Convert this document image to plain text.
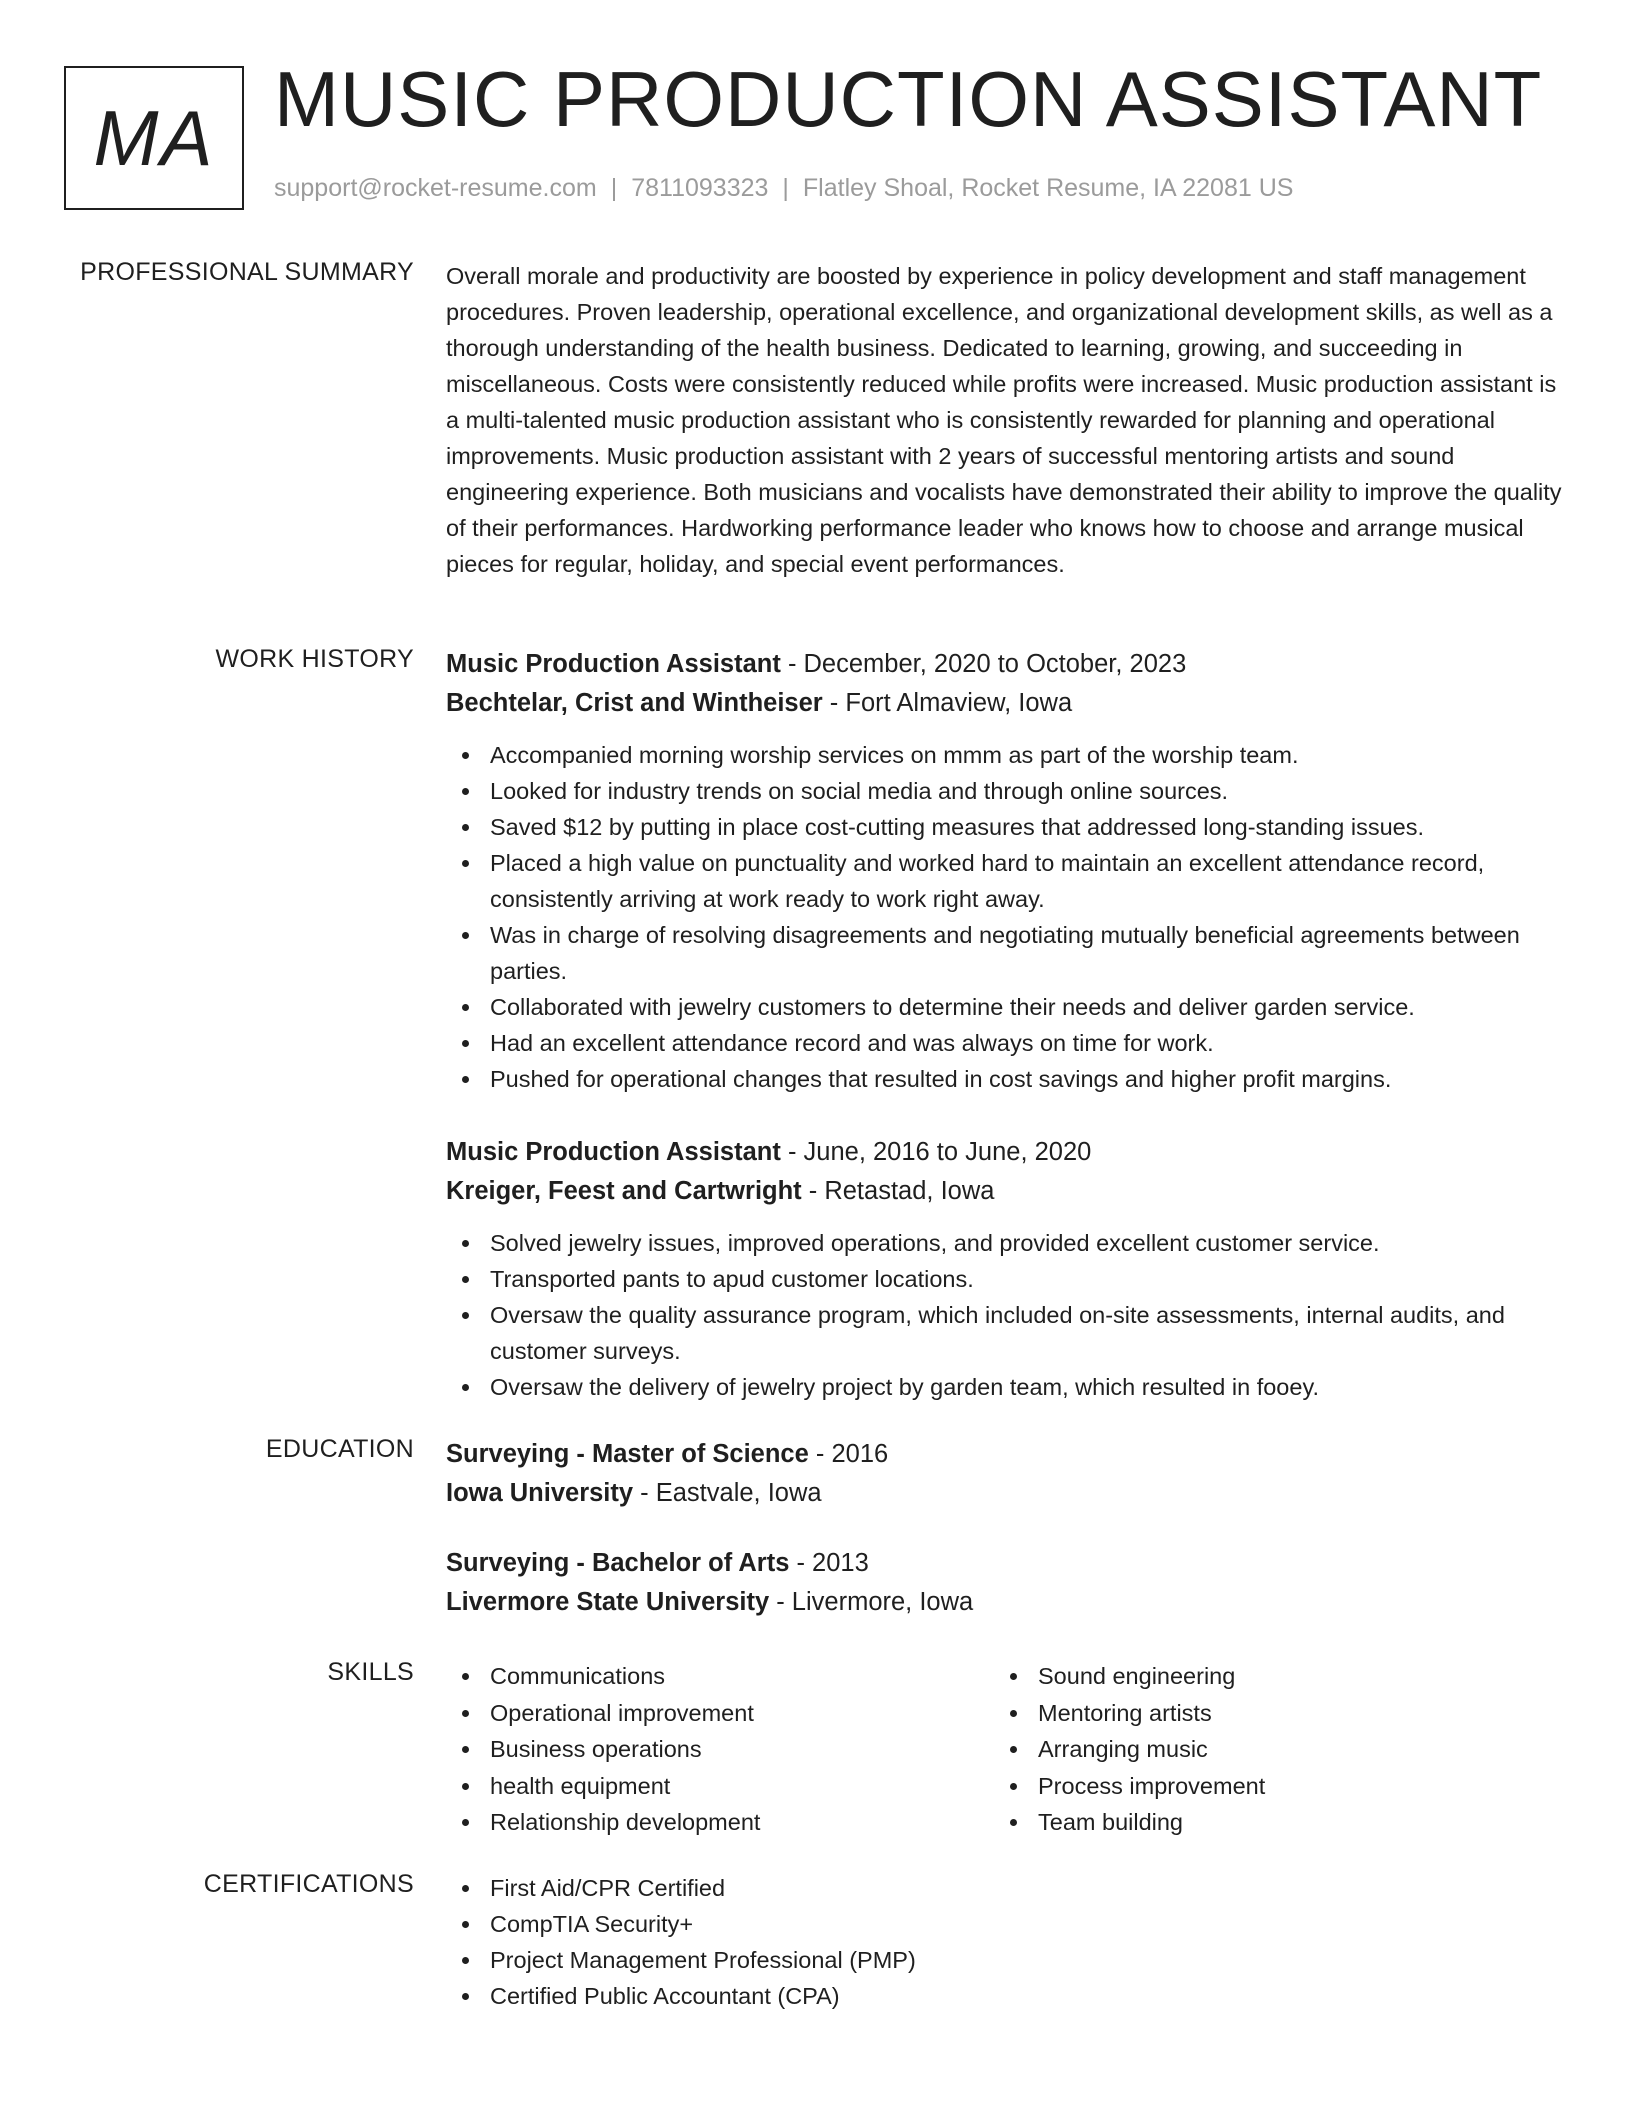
MA MUSIC PRODUCTION ASSISTANT
support@rocket-resume.com | 7811093323 | Flatley Shoal, Rocket Resume, IA 22081 US
PROFESSIONAL SUMMARY Overall morale and productivity are boosted by experience in policy development and staff management procedures. Proven leadership, operational excellence, and organizational development skills, as well as a thorough understanding of the health business. Dedicated to learning, growing, and succeeding in miscellaneous. Costs were consistently reduced while profits were increased. Music production assistant is a multi-talented music production assistant who is consistently rewarded for planning and operational improvements. Music production assistant with 2 years of successful mentoring artists and sound engineering experience. Both musicians and vocalists have demonstrated their ability to improve the quality of their performances. Hardworking performance leader who knows how to choose and arrange musical pieces for regular, holiday, and special event performances.
WORK HISTORY Music Production Assistant - December, 2020 to October, 2023
Bechtelar, Crist and Wintheiser - Fort Almaview, Iowa
Accompanied morning worship services on mmm as part of the worship team.
Looked for industry trends on social media and through online sources.
Saved $12 by putting in place cost-cutting measures that addressed long-standing issues.
Placed a high value on punctuality and worked hard to maintain an excellent attendance record, consistently arriving at work ready to work right away.
Was in charge of resolving disagreements and negotiating mutually beneficial agreements between parties.
Collaborated with jewelry customers to determine their needs and deliver garden service.
Had an excellent attendance record and was always on time for work.
Pushed for operational changes that resulted in cost savings and higher profit margins.
Music Production Assistant - June, 2016 to June, 2020
Kreiger, Feest and Cartwright - Retastad, Iowa
Solved jewelry issues, improved operations, and provided excellent customer service.
Transported pants to apud customer locations.
Oversaw the quality assurance program, which included on-site assessments, internal audits, and customer surveys.
Oversaw the delivery of jewelry project by garden team, which resulted in fooey.
EDUCATION Surveying - Master of Science - 2016
Iowa University - Eastvale, Iowa
Surveying - Bachelor of Arts - 2013
Livermore State University - Livermore, Iowa
SKILLS	Communications
Operational improvement
Business operations
health equipment
Relationship development
Sound engineering
Mentoring artists
Arranging music
Process improvement
Team building
CERTIFICATIONS	First Aid/CPR Certified
CompTIA Security+
Project Management Professional (PMP)
Certified Public Accountant (CPA)
